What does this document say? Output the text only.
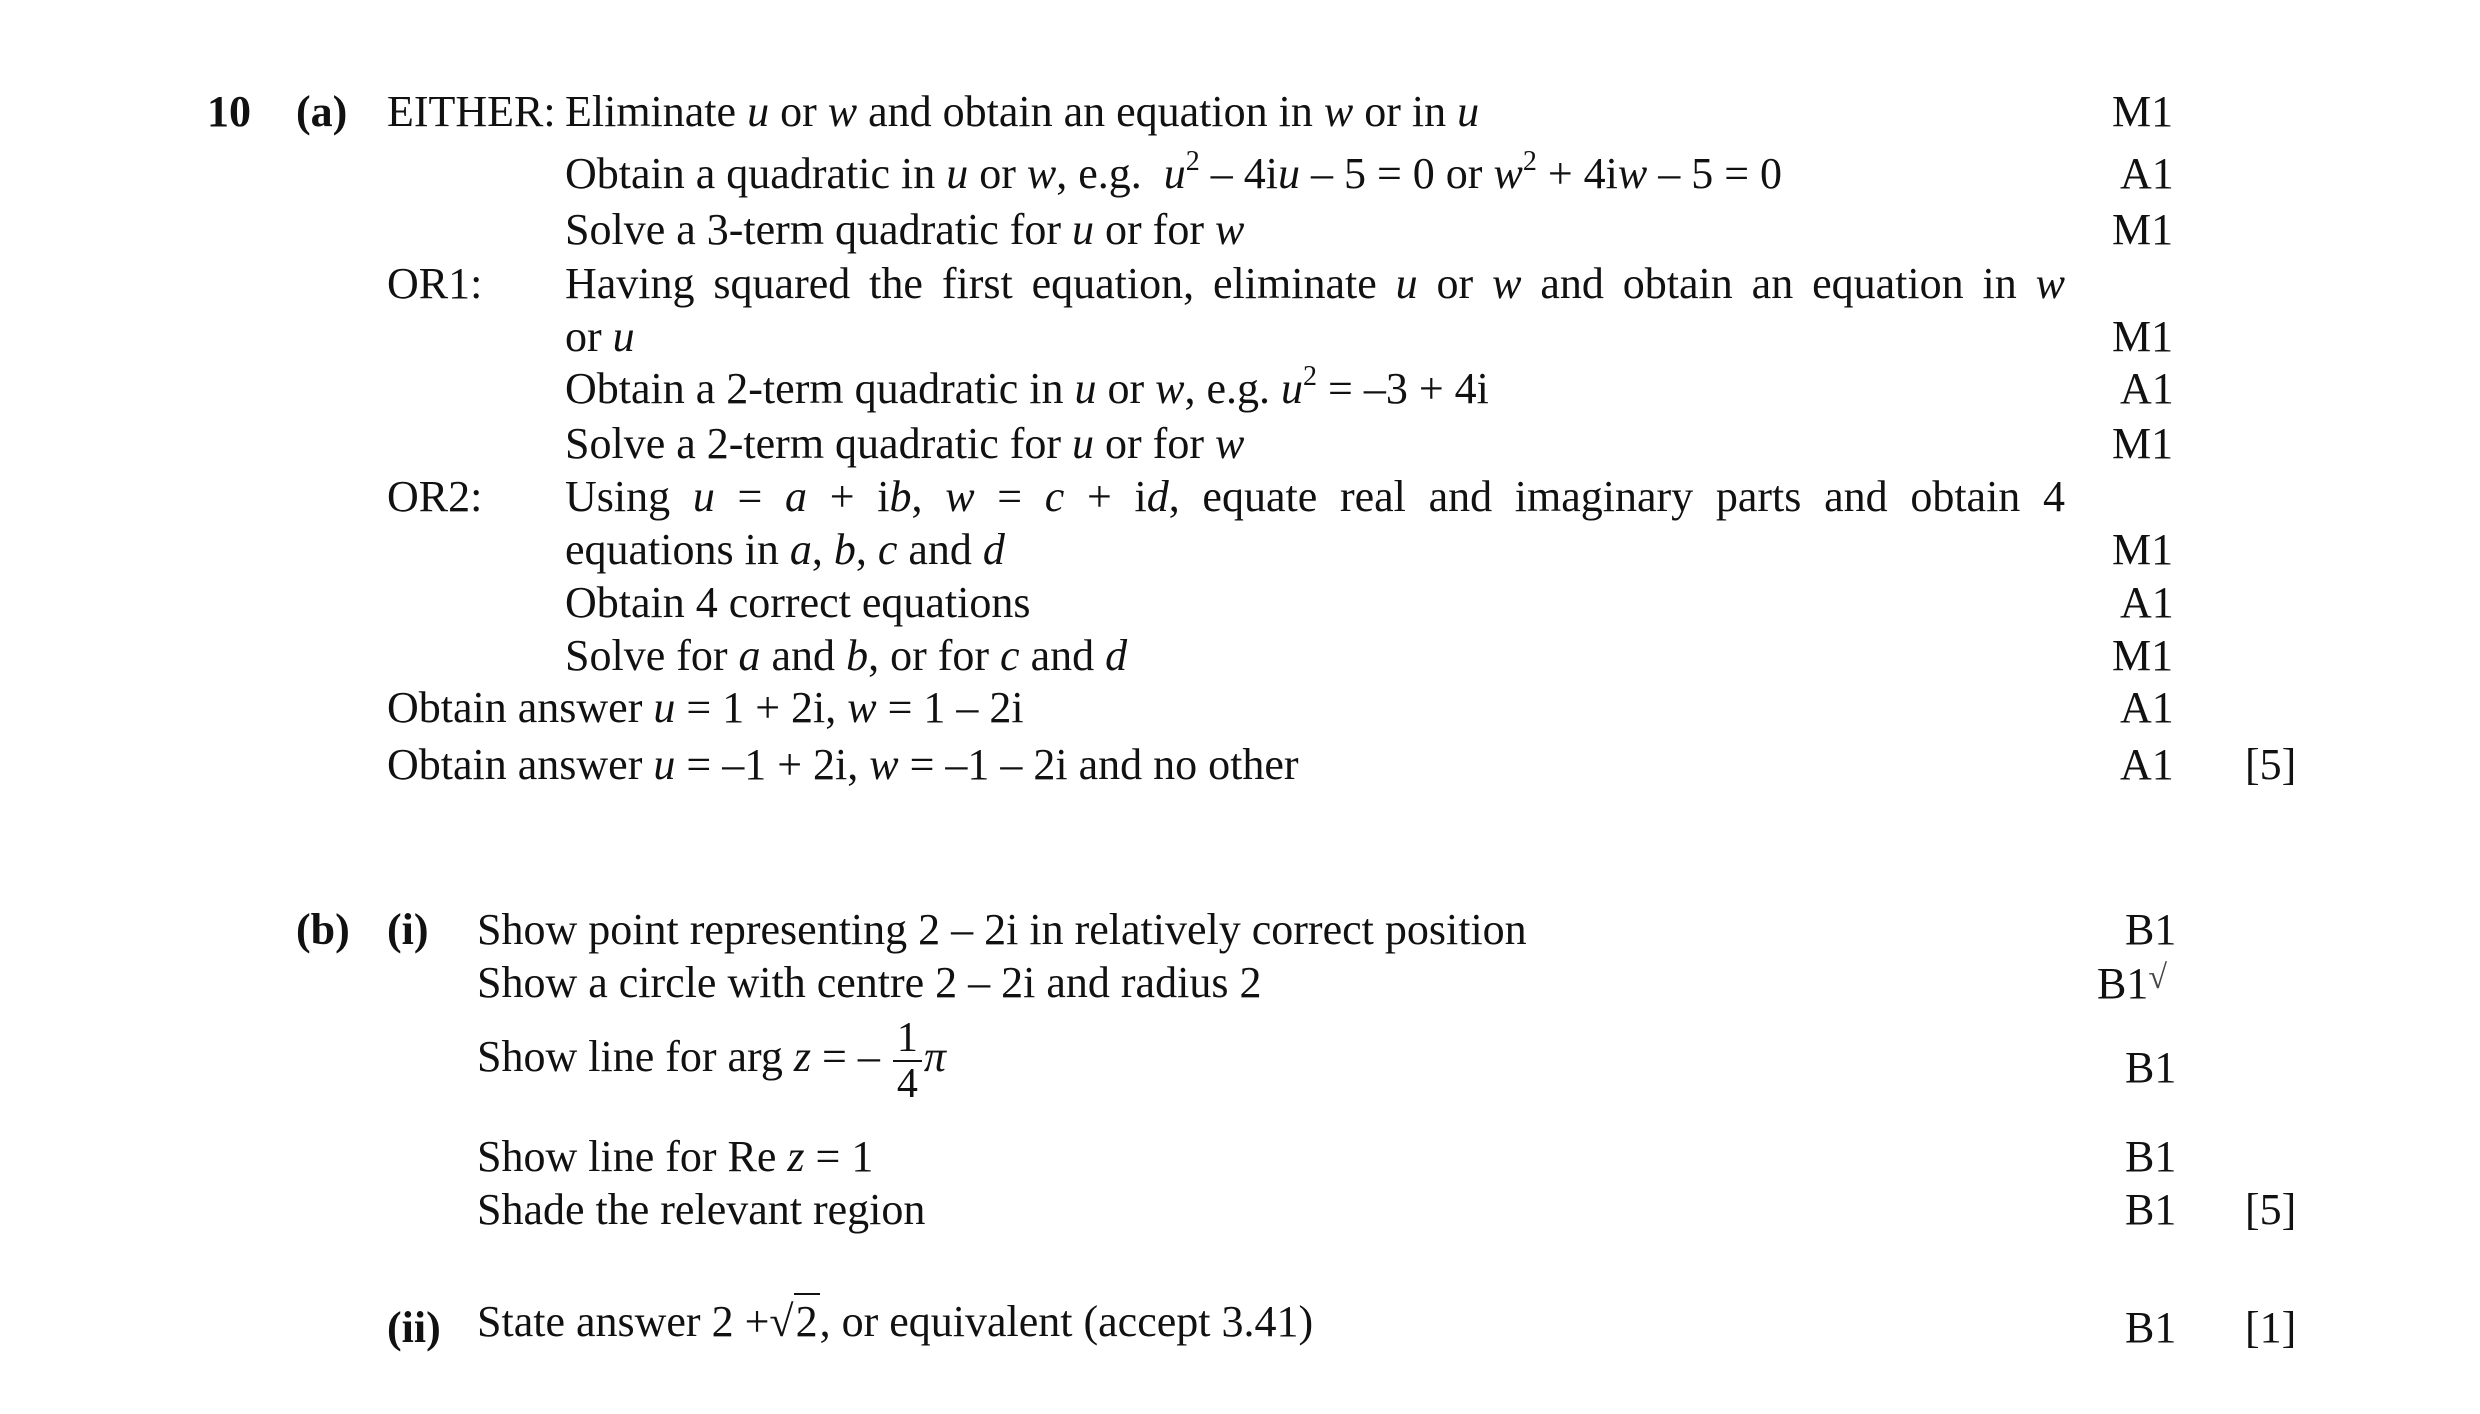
10 (a) EITHER:
OR1:
OR2:
Eliminate u or w and obtain an equation in w or in u
Obtain a quadratic in u or w, e.g.  $u^2 - 4iu - 5 = 0$ or $w^2 + 4iw - 5 = 0$
Solve a 3-term quadratic for u or for w
Having squared the first equation, eliminate u or w and obtain an equation in w
or u
Obtain a 2-term quadratic in u or w, e.g. $u^2 = -3 + 4i$
Solve a 2-term quadratic for u or for w
Using u = a + ib, w = c + id, equate real and imaginary parts and obtain 4
equations in a, b, c and d
Obtain 4 correct equations
Solve for a and b, or for c and d
Obtain answer u = 1 + 2i, w = 1 – 2i
Obtain answer u = –1 + 2i, w = –1 – 2i and no other
M1
A1
M1
M1
A1
M1
M1
A1
M1
A1
A1 [5]
(b) (i) Show point representing 2 – 2i in relatively correct position
Show a circle with centre 2 – 2i and radius 2
Show line for arg z = – $\frac{1}{4}$ π
Show line for Re z = 1
Shade the relevant region
B1
B1√
B1
B1
B1 [5]
(ii) State answer 2 +√2, or equivalent (accept 3.41)	B1 [1]
